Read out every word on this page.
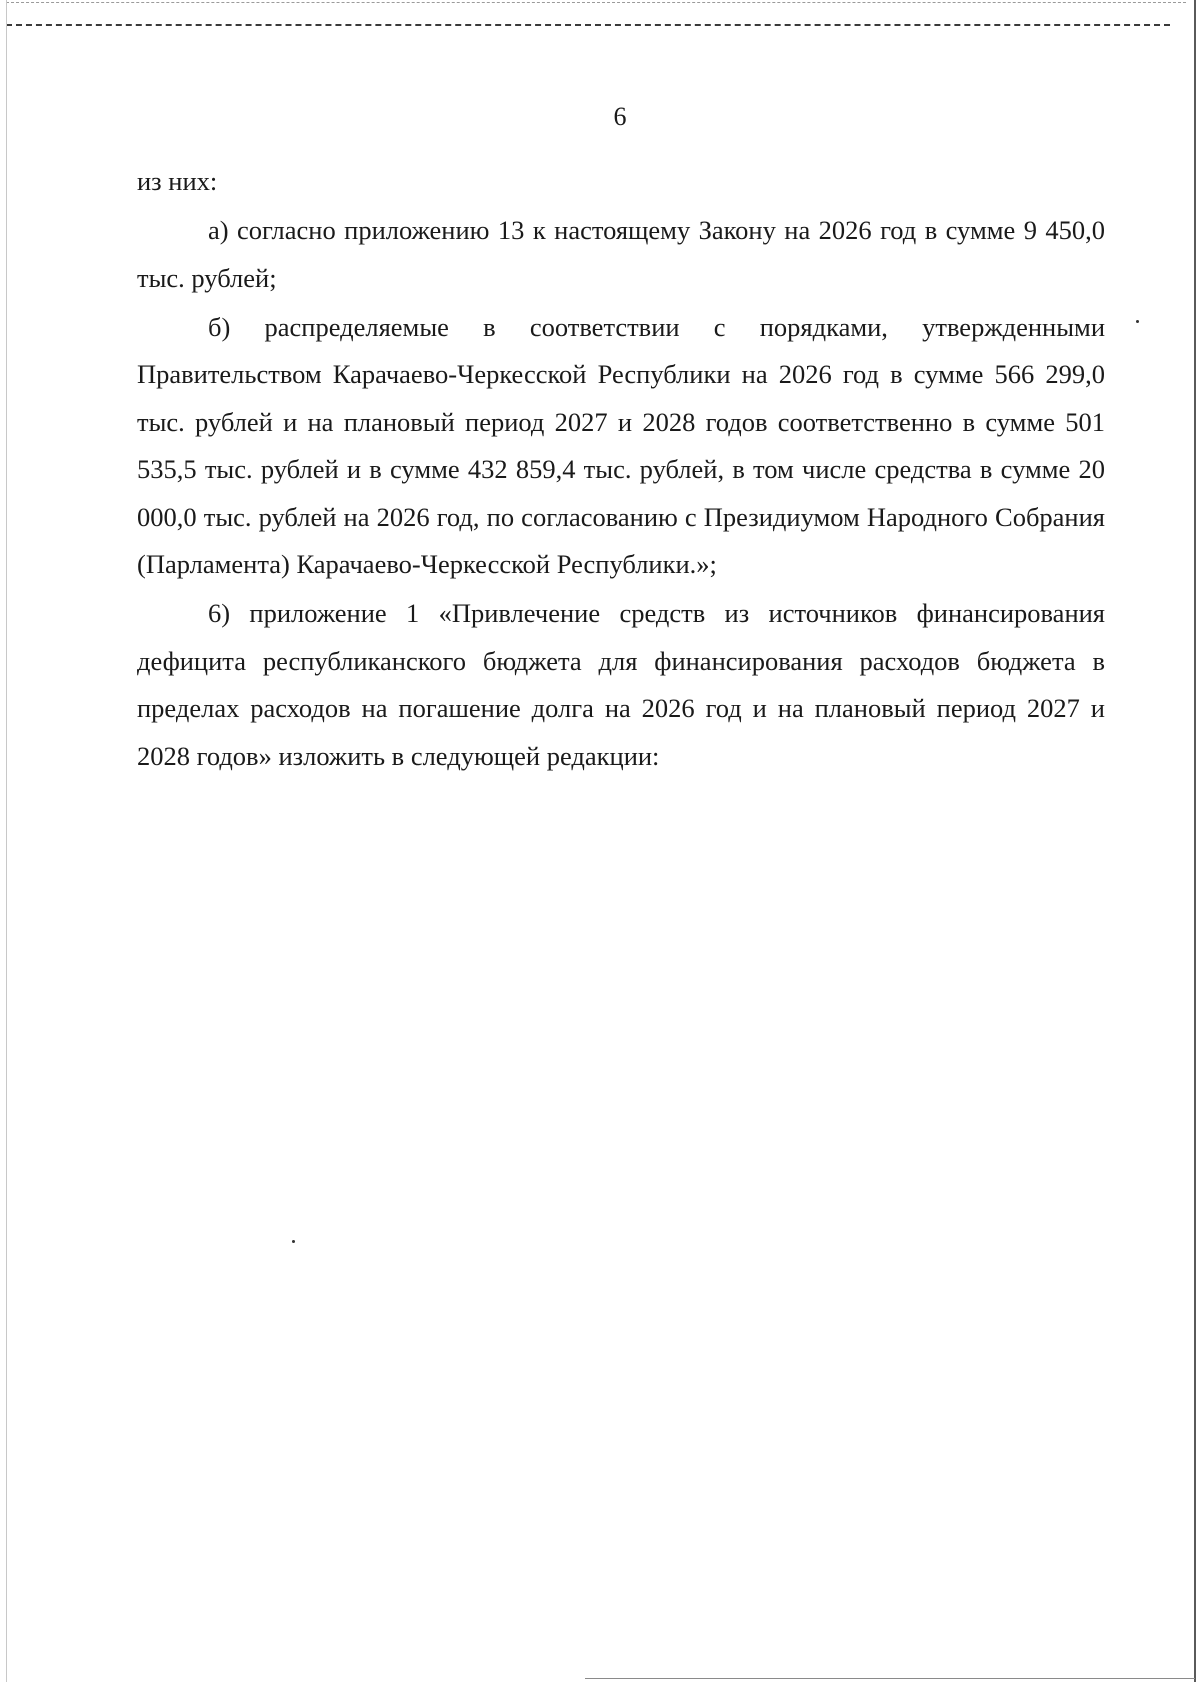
6

из них:

а) согласно приложению 13 к настоящему Закону на 2026 год в сумме 9 450,0 тыс. рублей;

б) распределяемые в соответствии с порядками, утвержденными Правительством Карачаево-Черкесской Республики на 2026 год в сумме 566 299,0 тыс. рублей и на плановый период 2027 и 2028 годов соответственно в сумме 501 535,5 тыс. рублей и в сумме 432 859,4 тыс. рублей, в том числе средства в сумме 20 000,0 тыс. рублей на 2026 год, по согласованию с Президиумом Народного Собрания (Парламента) Карачаево-Черкесской Республики.»;

6) приложение 1 «Привлечение средств из источников финансирования дефицита республиканского бюджета для финансирования расходов бюджета в пределах расходов на погашение долга на 2026 год и на плановый период 2027 и 2028 годов» изложить в следующей редакции:
